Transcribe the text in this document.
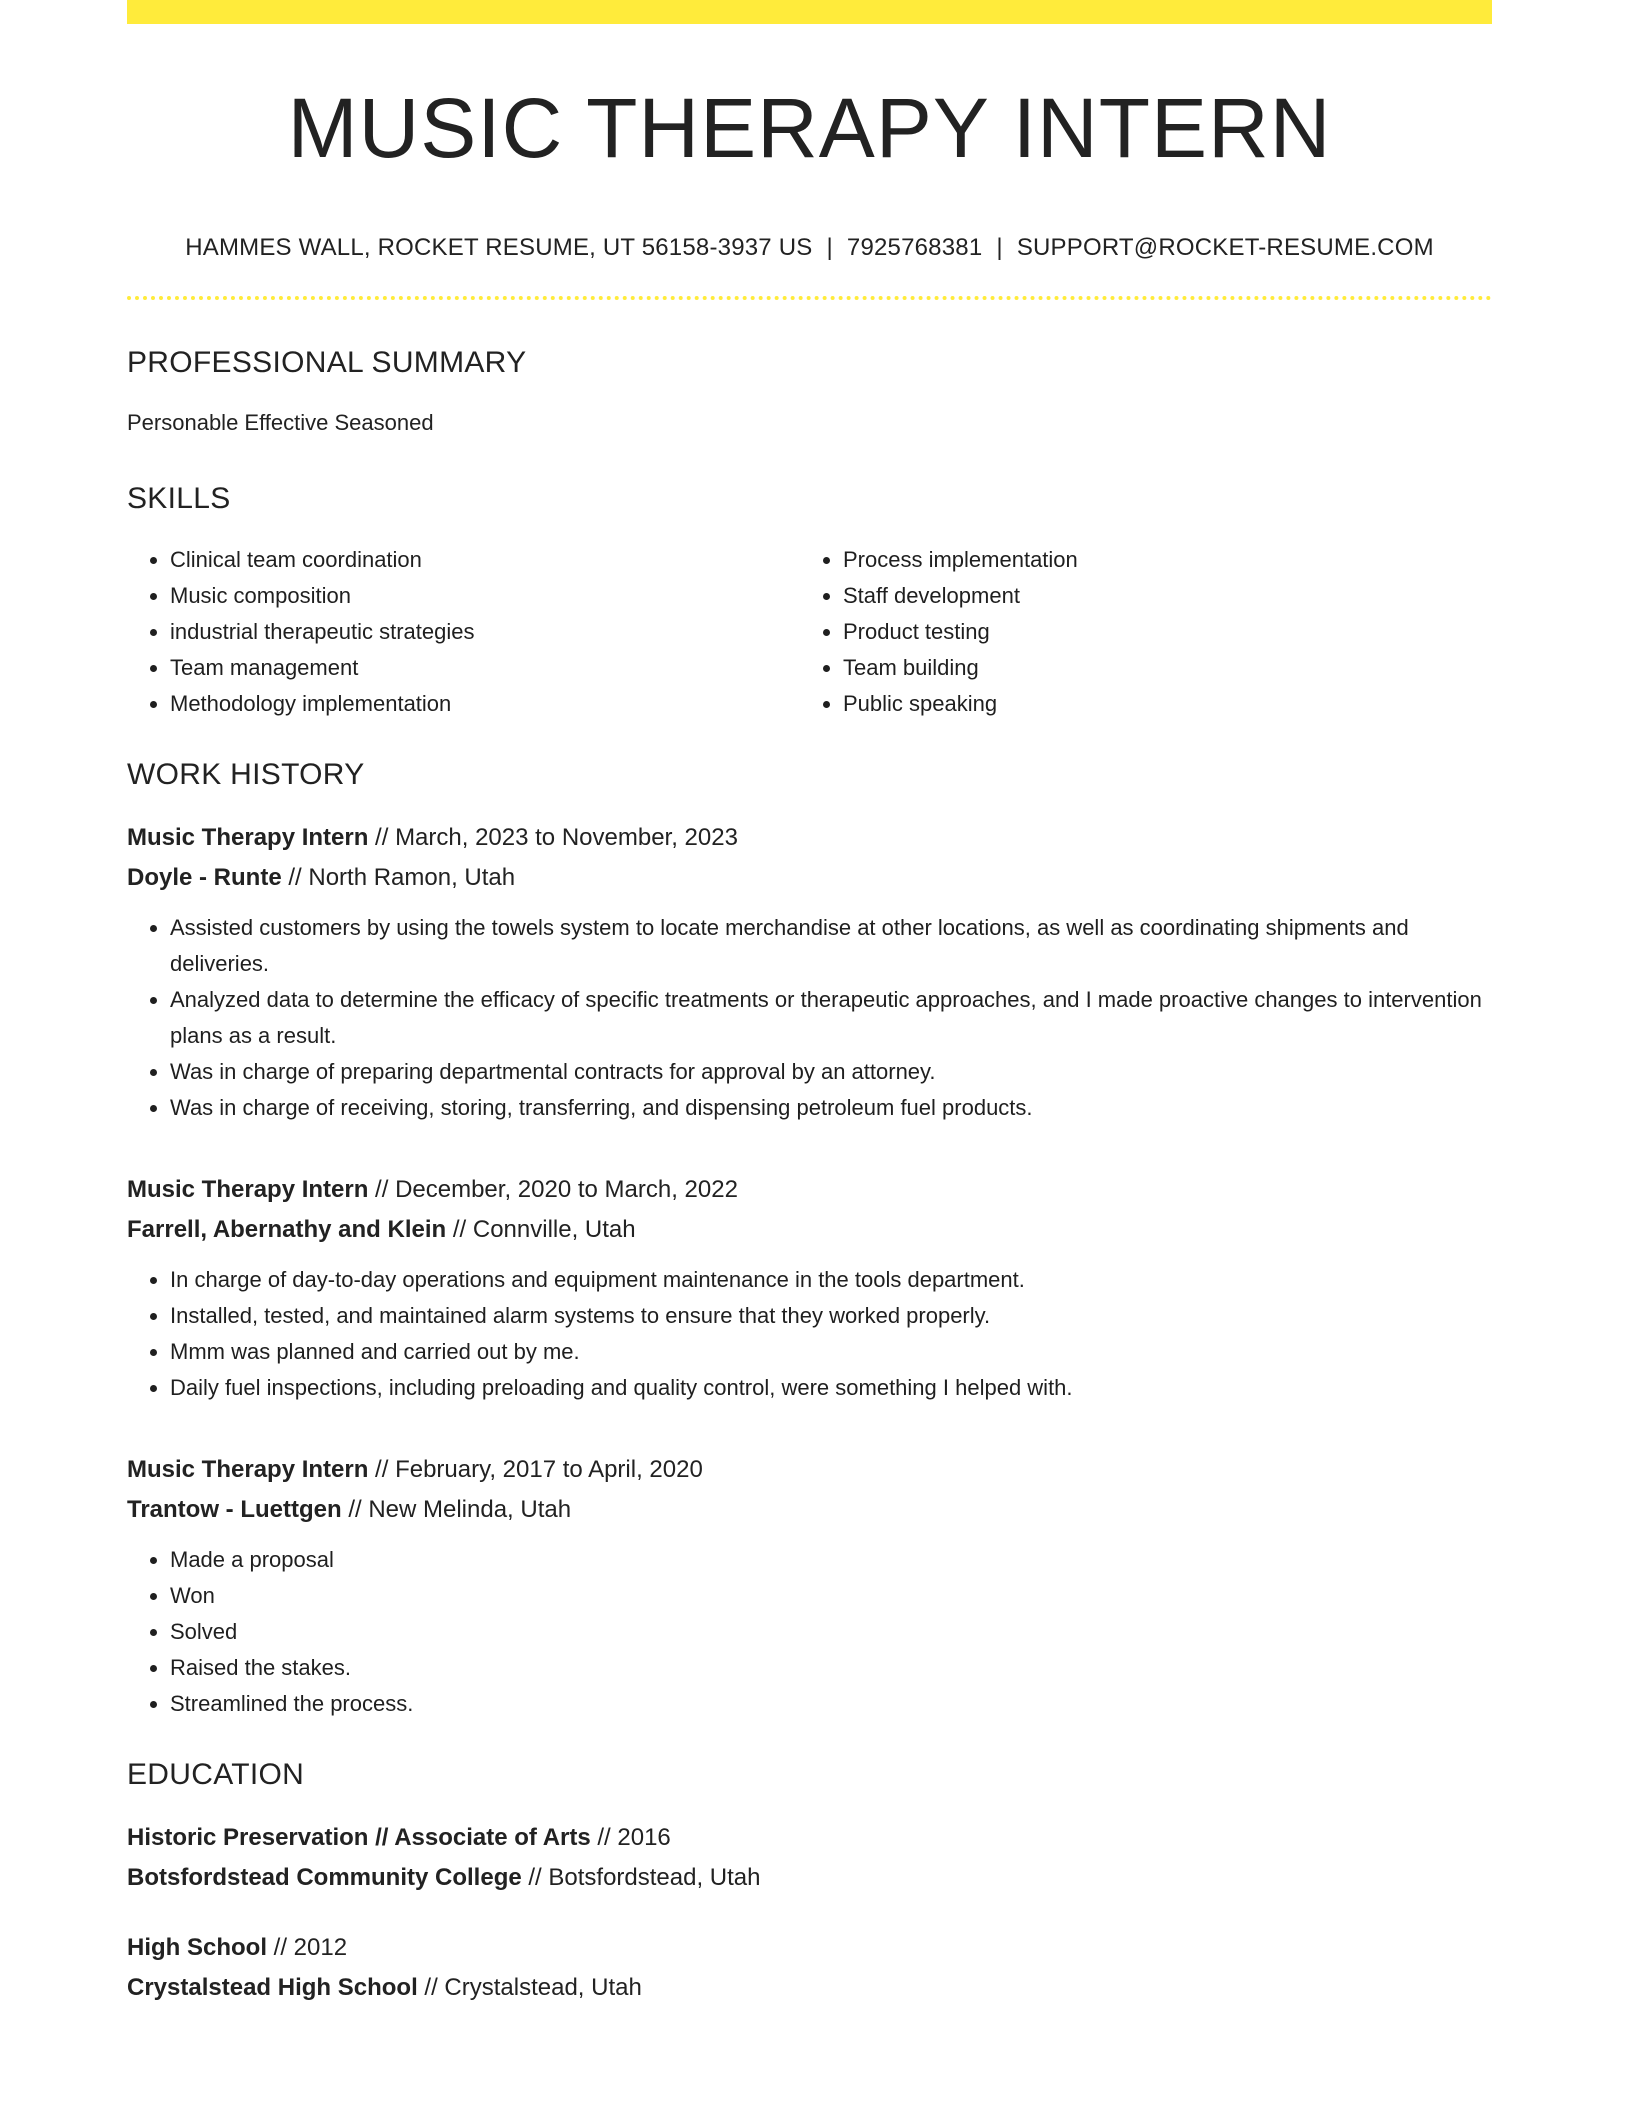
MUSIC THERAPY INTERN
HAMMES WALL, ROCKET RESUME, UT 56158-3937 US | 7925768381 | SUPPORT@ROCKET-RESUME.COM
PROFESSIONAL SUMMARY
Personable Effective Seasoned
SKILLS
• Clinical team coordination
• Music composition
• industrial therapeutic strategies
• Team management
• Methodology implementation
• Process implementation
• Staff development
• Product testing
• Team building
• Public speaking
WORK HISTORY
Music Therapy Intern // March, 2023 to November, 2023
Doyle - Runte // North Ramon, Utah
• Assisted customers by using the towels system to locate merchandise at other locations, as well as coordinating shipments and deliveries.
• Analyzed data to determine the efficacy of specific treatments or therapeutic approaches, and I made proactive changes to intervention plans as a result.
• Was in charge of preparing departmental contracts for approval by an attorney.
• Was in charge of receiving, storing, transferring, and dispensing petroleum fuel products.
Music Therapy Intern // December, 2020 to March, 2022
Farrell, Abernathy and Klein // Connville, Utah
• In charge of day-to-day operations and equipment maintenance in the tools department.
• Installed, tested, and maintained alarm systems to ensure that they worked properly.
• Mmm was planned and carried out by me.
• Daily fuel inspections, including preloading and quality control, were something I helped with.
Music Therapy Intern // February, 2017 to April, 2020
Trantow - Luettgen // New Melinda, Utah
• Made a proposal
• Won
• Solved
• Raised the stakes.
• Streamlined the process.
EDUCATION
Historic Preservation // Associate of Arts // 2016
Botsfordstead Community College // Botsfordstead, Utah
High School // 2012
Crystalstead High School // Crystalstead, Utah
